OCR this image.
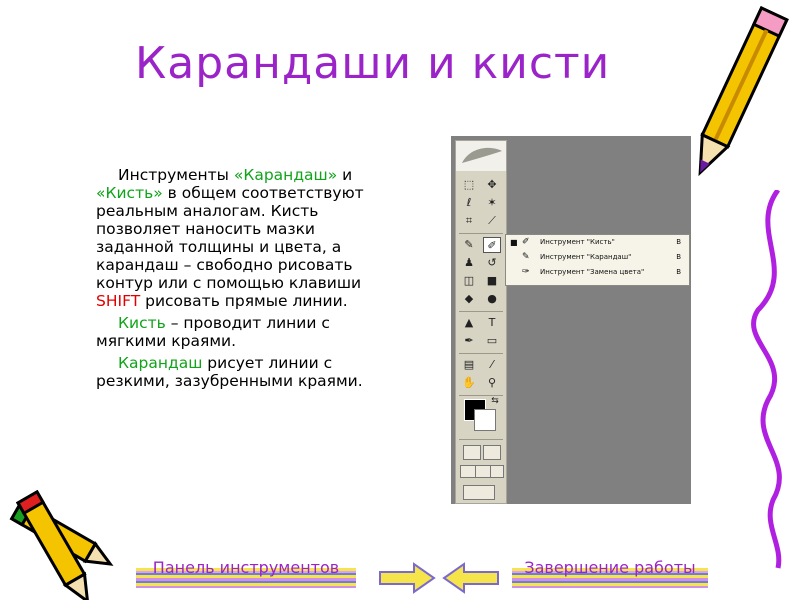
Карандаши и кисти

Инструменты «Карандаш» и «Кисть» в общем соответствуют реальным аналогам. Кисть позволяет наносить мазки заданной толщины и цвета, а карандаш – свободно рисовать контур или с помощью клавиши SHIFT рисовать прямые линии.

Кисть – проводит линии с мягкими краями.

Карандаш рисует линии с резкими, зазубренными краями.

⬚	✥
ℓ	✶
⌗	⟋
✎	✐
♟	↺
◫	■
◆	●
▲	T
✒	▭
▤	⁄
✋	⚲
⇆
■ ✐ Инструмент "Кисть"	B
✎ Инструмент "Карандаш"	B
✑ Инструмент "Замена цвета"	B
Панель инструментов	Завершение работы
